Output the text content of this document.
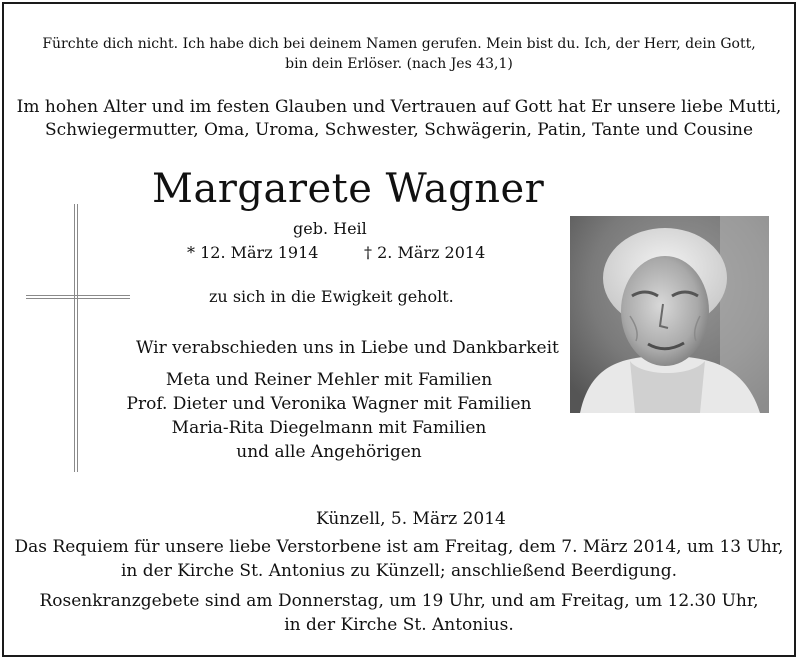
Fürchte dich nicht. Ich habe dich bei deinem Namen gerufen. Mein bist du. Ich, der Herr, dein Gott,
bin dein Erlöser. (nach Jes 43,1)
Im hohen Alter und im festen Glauben und Vertrauen auf Gott hat Er unsere liebe Mutti,
Schwiegermutter, Oma, Uroma, Schwester, Schwägerin, Patin, Tante und Cousine
Margarete Wagner
geb. Heil
* 12. März 1914	† 2. März 2014
zu sich in die Ewigkeit geholt.
Wir verabschieden uns in Liebe und Dankbarkeit
Meta und Reiner Mehler mit Familien
Prof. Dieter und Veronika Wagner mit Familien
Maria-Rita Diegelmann mit Familien
und alle Angehörigen
Künzell, 5. März 2014
Das Requiem für unsere liebe Verstorbene ist am Freitag, dem 7. März 2014, um 13 Uhr,
in der Kirche St. Antonius zu Künzell; anschließend Beerdigung.
Rosenkranzgebete sind am Donnerstag, um 19 Uhr, und am Freitag, um 12.30 Uhr,
in der Kirche St. Antonius.
